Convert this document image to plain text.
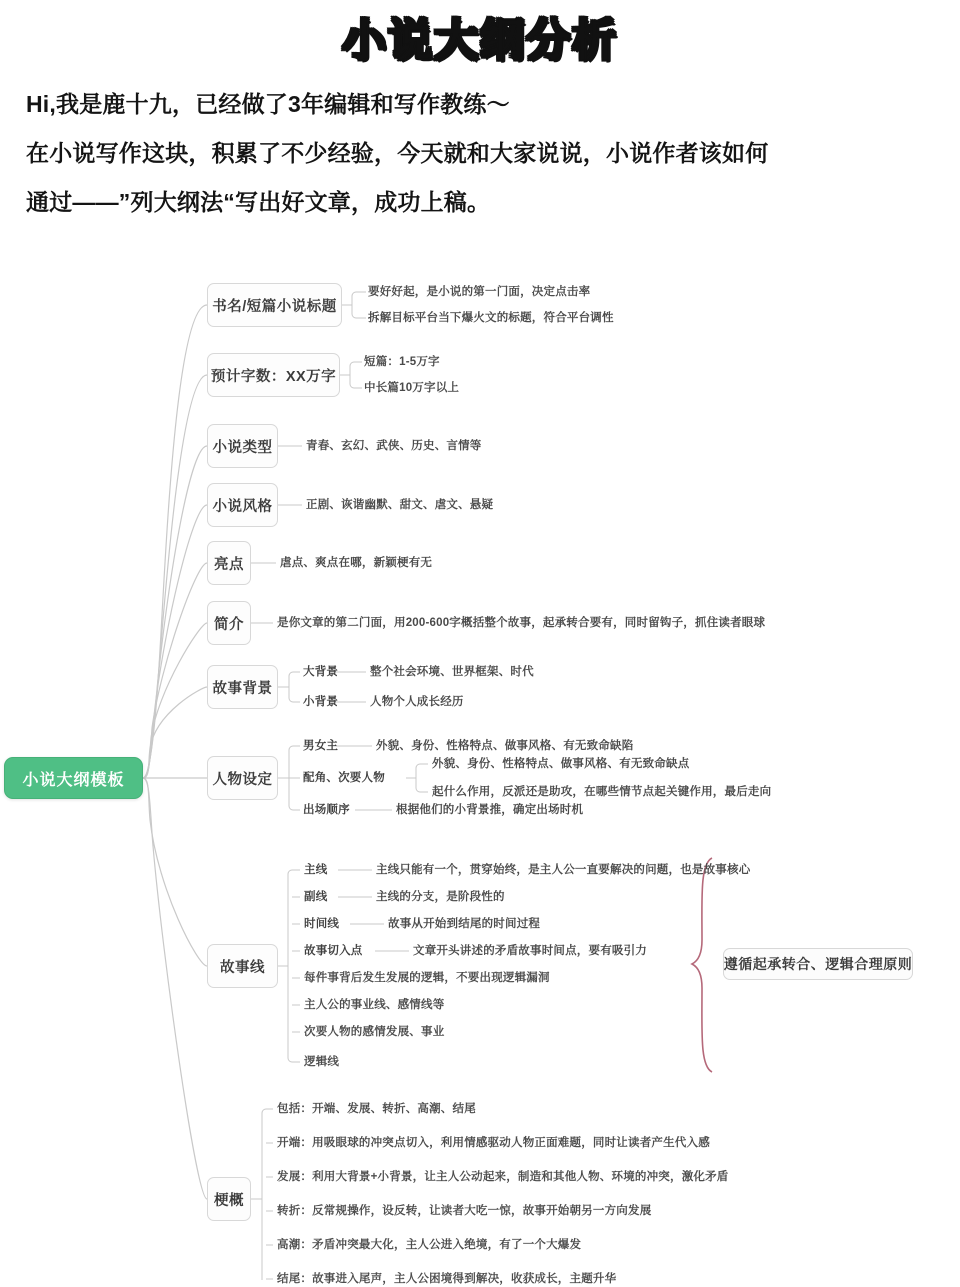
小说大纲分析
Hi,我是鹿十九，已经做了3年编辑和写作教练～
在小说写作这块，积累了不少经验，今天就和大家说说，小说作者该如何
通过——”列大纲法“写出好文章，成功上稿。
小说大纲模板
书名/短篇小说标题
预计字数：XX万字
小说类型
小说风格
亮点
简介
故事背景
人物设定
故事线
梗概
遵循起承转合、逻辑合理原则
要好好起，是小说的第一门面，决定点击率
拆解目标平台当下爆火文的标题，符合平台调性
短篇：1-5万字
中长篇10万字以上
青春、玄幻、武侠、历史、言情等
正剧、诙谐幽默、甜文、虐文、悬疑
虐点、爽点在哪，新颖梗有无
是你文章的第二门面，用200-600字概括整个故事，起承转合要有，同时留钩子，抓住读者眼球
大背景	整个社会环境、世界框架、时代
小背景	人物个人成长经历
男女主	外貌、身份、性格特点、做事风格、有无致命缺陷
配角、次要人物
外貌、身份、性格特点、做事风格、有无致命缺点
起什么作用，反派还是助攻，在哪些情节点起关键作用，最后走向
出场顺序	根据他们的小背景推，确定出场时机
主线	主线只能有一个，贯穿始终，是主人公一直要解决的问题，也是故事核心
副线	主线的分支，是阶段性的
时间线	故事从开始到结尾的时间过程
故事切入点	文章开头讲述的矛盾故事时间点，要有吸引力
每件事背后发生发展的逻辑，不要出现逻辑漏洞
主人公的事业线、感情线等
次要人物的感情发展、事业
逻辑线
包括：开端、发展、转折、高潮、结尾
开端：用吸眼球的冲突点切入，利用情感驱动人物正面难题，同时让读者产生代入感
发展：利用大背景+小背景，让主人公动起来，制造和其他人物、环境的冲突，激化矛盾
转折：反常规操作，设反转，让读者大吃一惊，故事开始朝另一方向发展
高潮：矛盾冲突最大化，主人公进入绝境，有了一个大爆发
结尾：故事进入尾声，主人公困境得到解决，收获成长，主题升华
